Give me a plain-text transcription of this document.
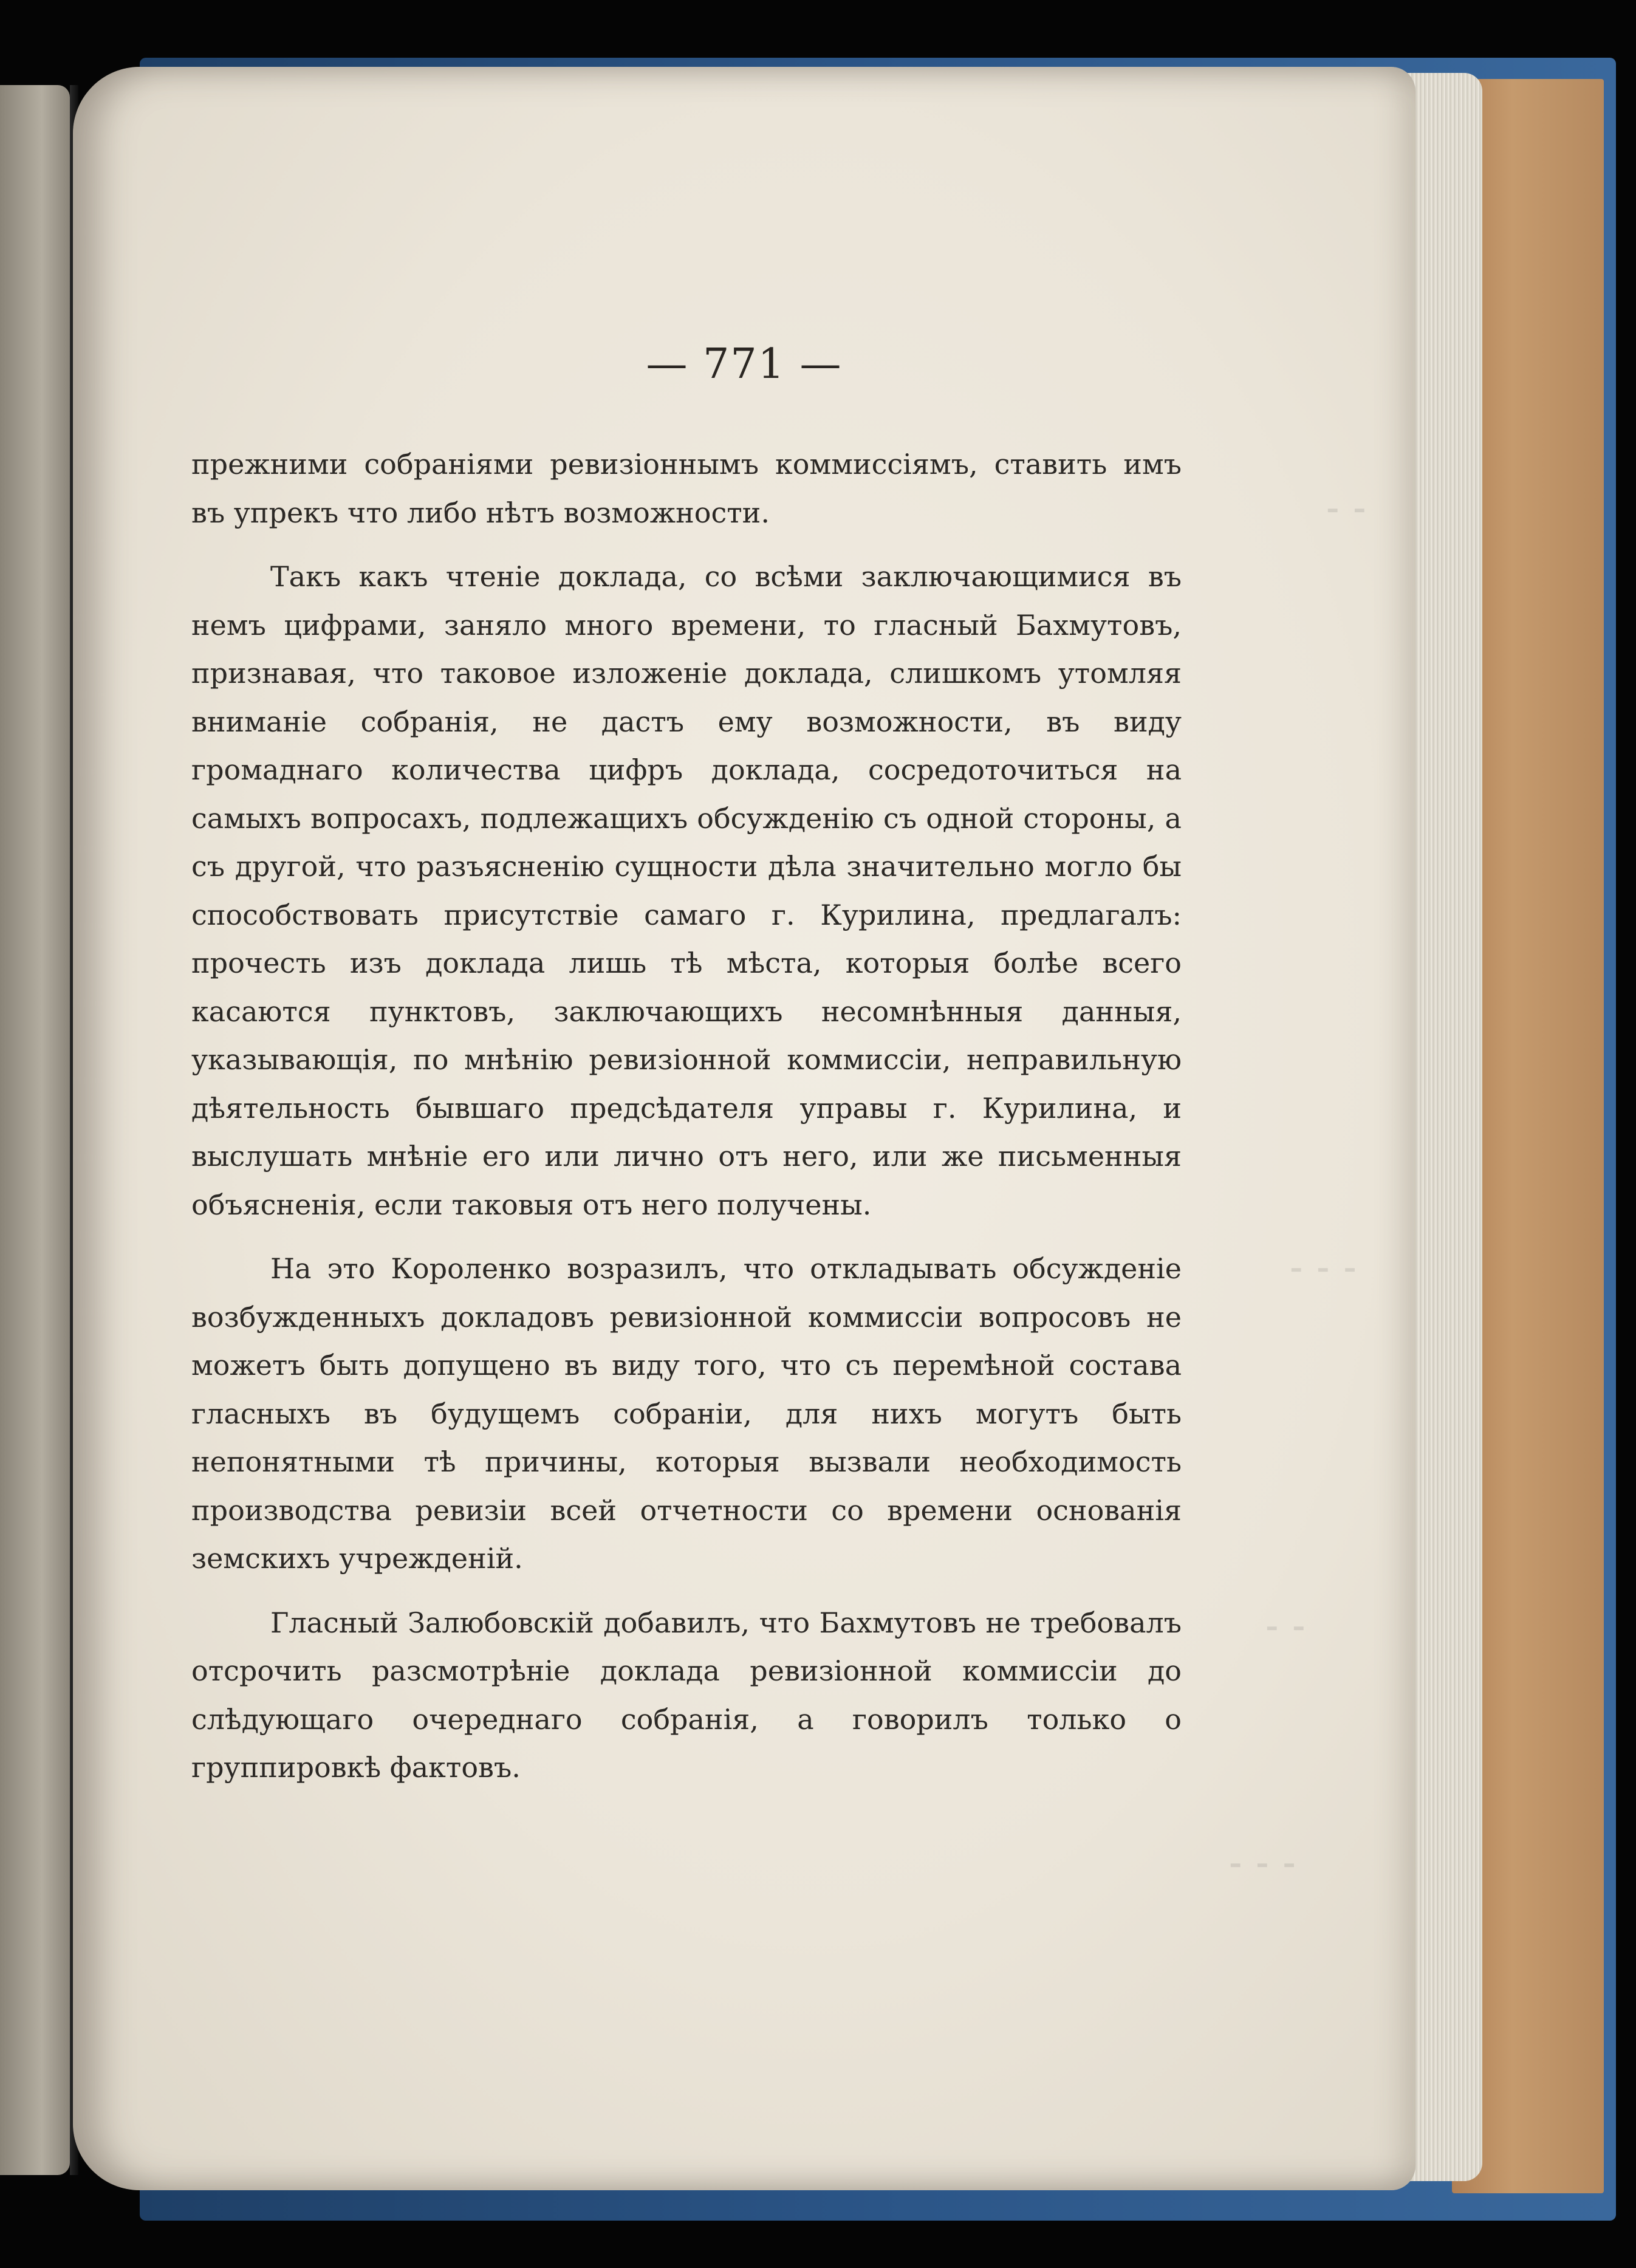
⁃ ⁃
⁃ ⁃ ⁃
⁃ ⁃
⁃ ⁃ ⁃
— 771 —

прежними собраніями ревизіоннымъ коммиссіямъ, ставить имъ въ упрекъ что либо нѣтъ возможности.

Такъ какъ чтеніе доклада, со всѣми заключающимися въ немъ цифрами, заняло много времени, то гласный Бахмутовъ, признавая, что таковое изложеніе доклада, слишкомъ утомляя вниманіе собранія, не дастъ ему возможности, въ виду громаднаго количества цифръ доклада, сосредоточиться на самыхъ вопросахъ, подлежащихъ обсужденію съ одной стороны, а съ другой, что разъясненію сущности дѣла значительно могло бы способствовать присутствіе самаго г. Курилина, предлагалъ: прочесть изъ доклада лишь тѣ мѣста, которыя болѣе всего касаются пунктовъ, заключающихъ несомнѣнныя данныя, указывающія, по мнѣнію ревизіонной коммиссіи, неправильную дѣятельность бывшаго предсѣдателя управы г. Курилина, и выслушать мнѣніе его или лично отъ него, или же письменныя объясненія, если таковыя отъ него получены.

На это Короленко возразилъ, что откладывать обсужденіе возбужденныхъ докладовъ ревизіонной коммиссіи вопросовъ не можетъ быть допущено въ виду того, что съ перемѣной состава гласныхъ въ будущемъ собраніи, для нихъ могутъ быть непонятными тѣ причины, которыя вызвали необходимость производства ревизіи всей отчетности со времени основанія земскихъ учрежденій.

Гласный Залюбовскій добавилъ, что Бахмутовъ не требовалъ отсрочить разсмотрѣніе доклада ревизіонной коммиссіи до слѣдующаго очереднаго собранія, а говорилъ только о группировкѣ фактовъ.
